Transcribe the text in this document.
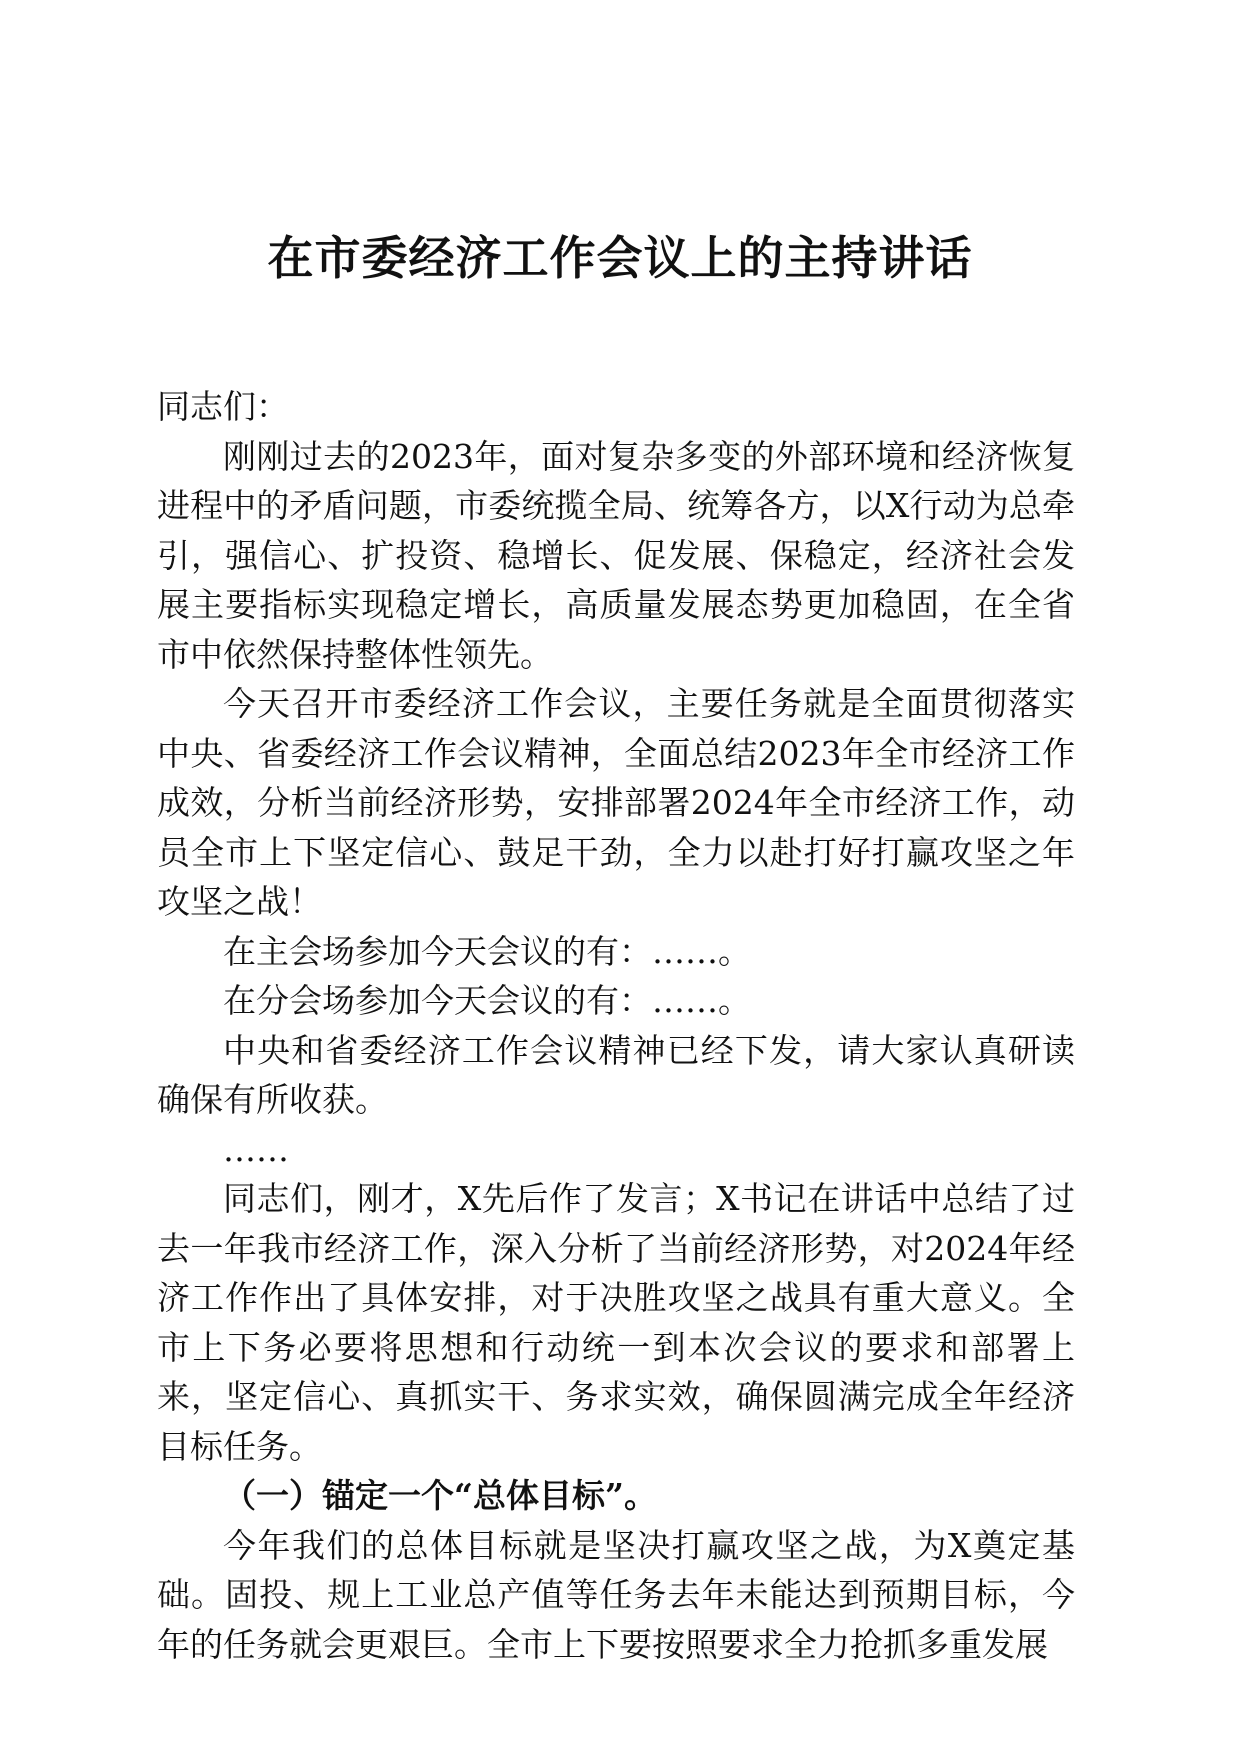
在市委经济工作会议上的主持讲话

同志们：

刚刚过去的2023年，面对复杂多变的外部环境和经济恢复进程中的矛盾问题，市委统揽全局、统筹各方，以X行动为总牵引，强信心、扩投资、稳增长、促发展、保稳定，经济社会发展主要指标实现稳定增长，高质量发展态势更加稳固，在全省市中依然保持整体性领先。

今天召开市委经济工作会议，主要任务就是全面贯彻落实中央、省委经济工作会议精神，全面总结2023年全市经济工作成效，分析当前经济形势，安排部署2024年全市经济工作，动员全市上下坚定信心、鼓足干劲，全力以赴打好打赢攻坚之年攻坚之战！

在主会场参加今天会议的有：……。

在分会场参加今天会议的有：……。

中央和省委经济工作会议精神已经下发，请大家认真研读确保有所收获。

……

同志们，刚才，X先后作了发言；X书记在讲话中总结了过去一年我市经济工作，深入分析了当前经济形势，对2024年经济工作作出了具体安排，对于决胜攻坚之战具有重大意义。全市上下务必要将思想和行动统一到本次会议的要求和部署上来，坚定信心、真抓实干、务求实效，确保圆满完成全年经济目标任务。

（一）锚定一个“总体目标”。

今年我们的总体目标就是坚决打赢攻坚之战，为X奠定基础。固投、规上工业总产值等任务去年未能达到预期目标，今年的任务就会更艰巨。全市上下要按照要求全力抢抓多重发展
